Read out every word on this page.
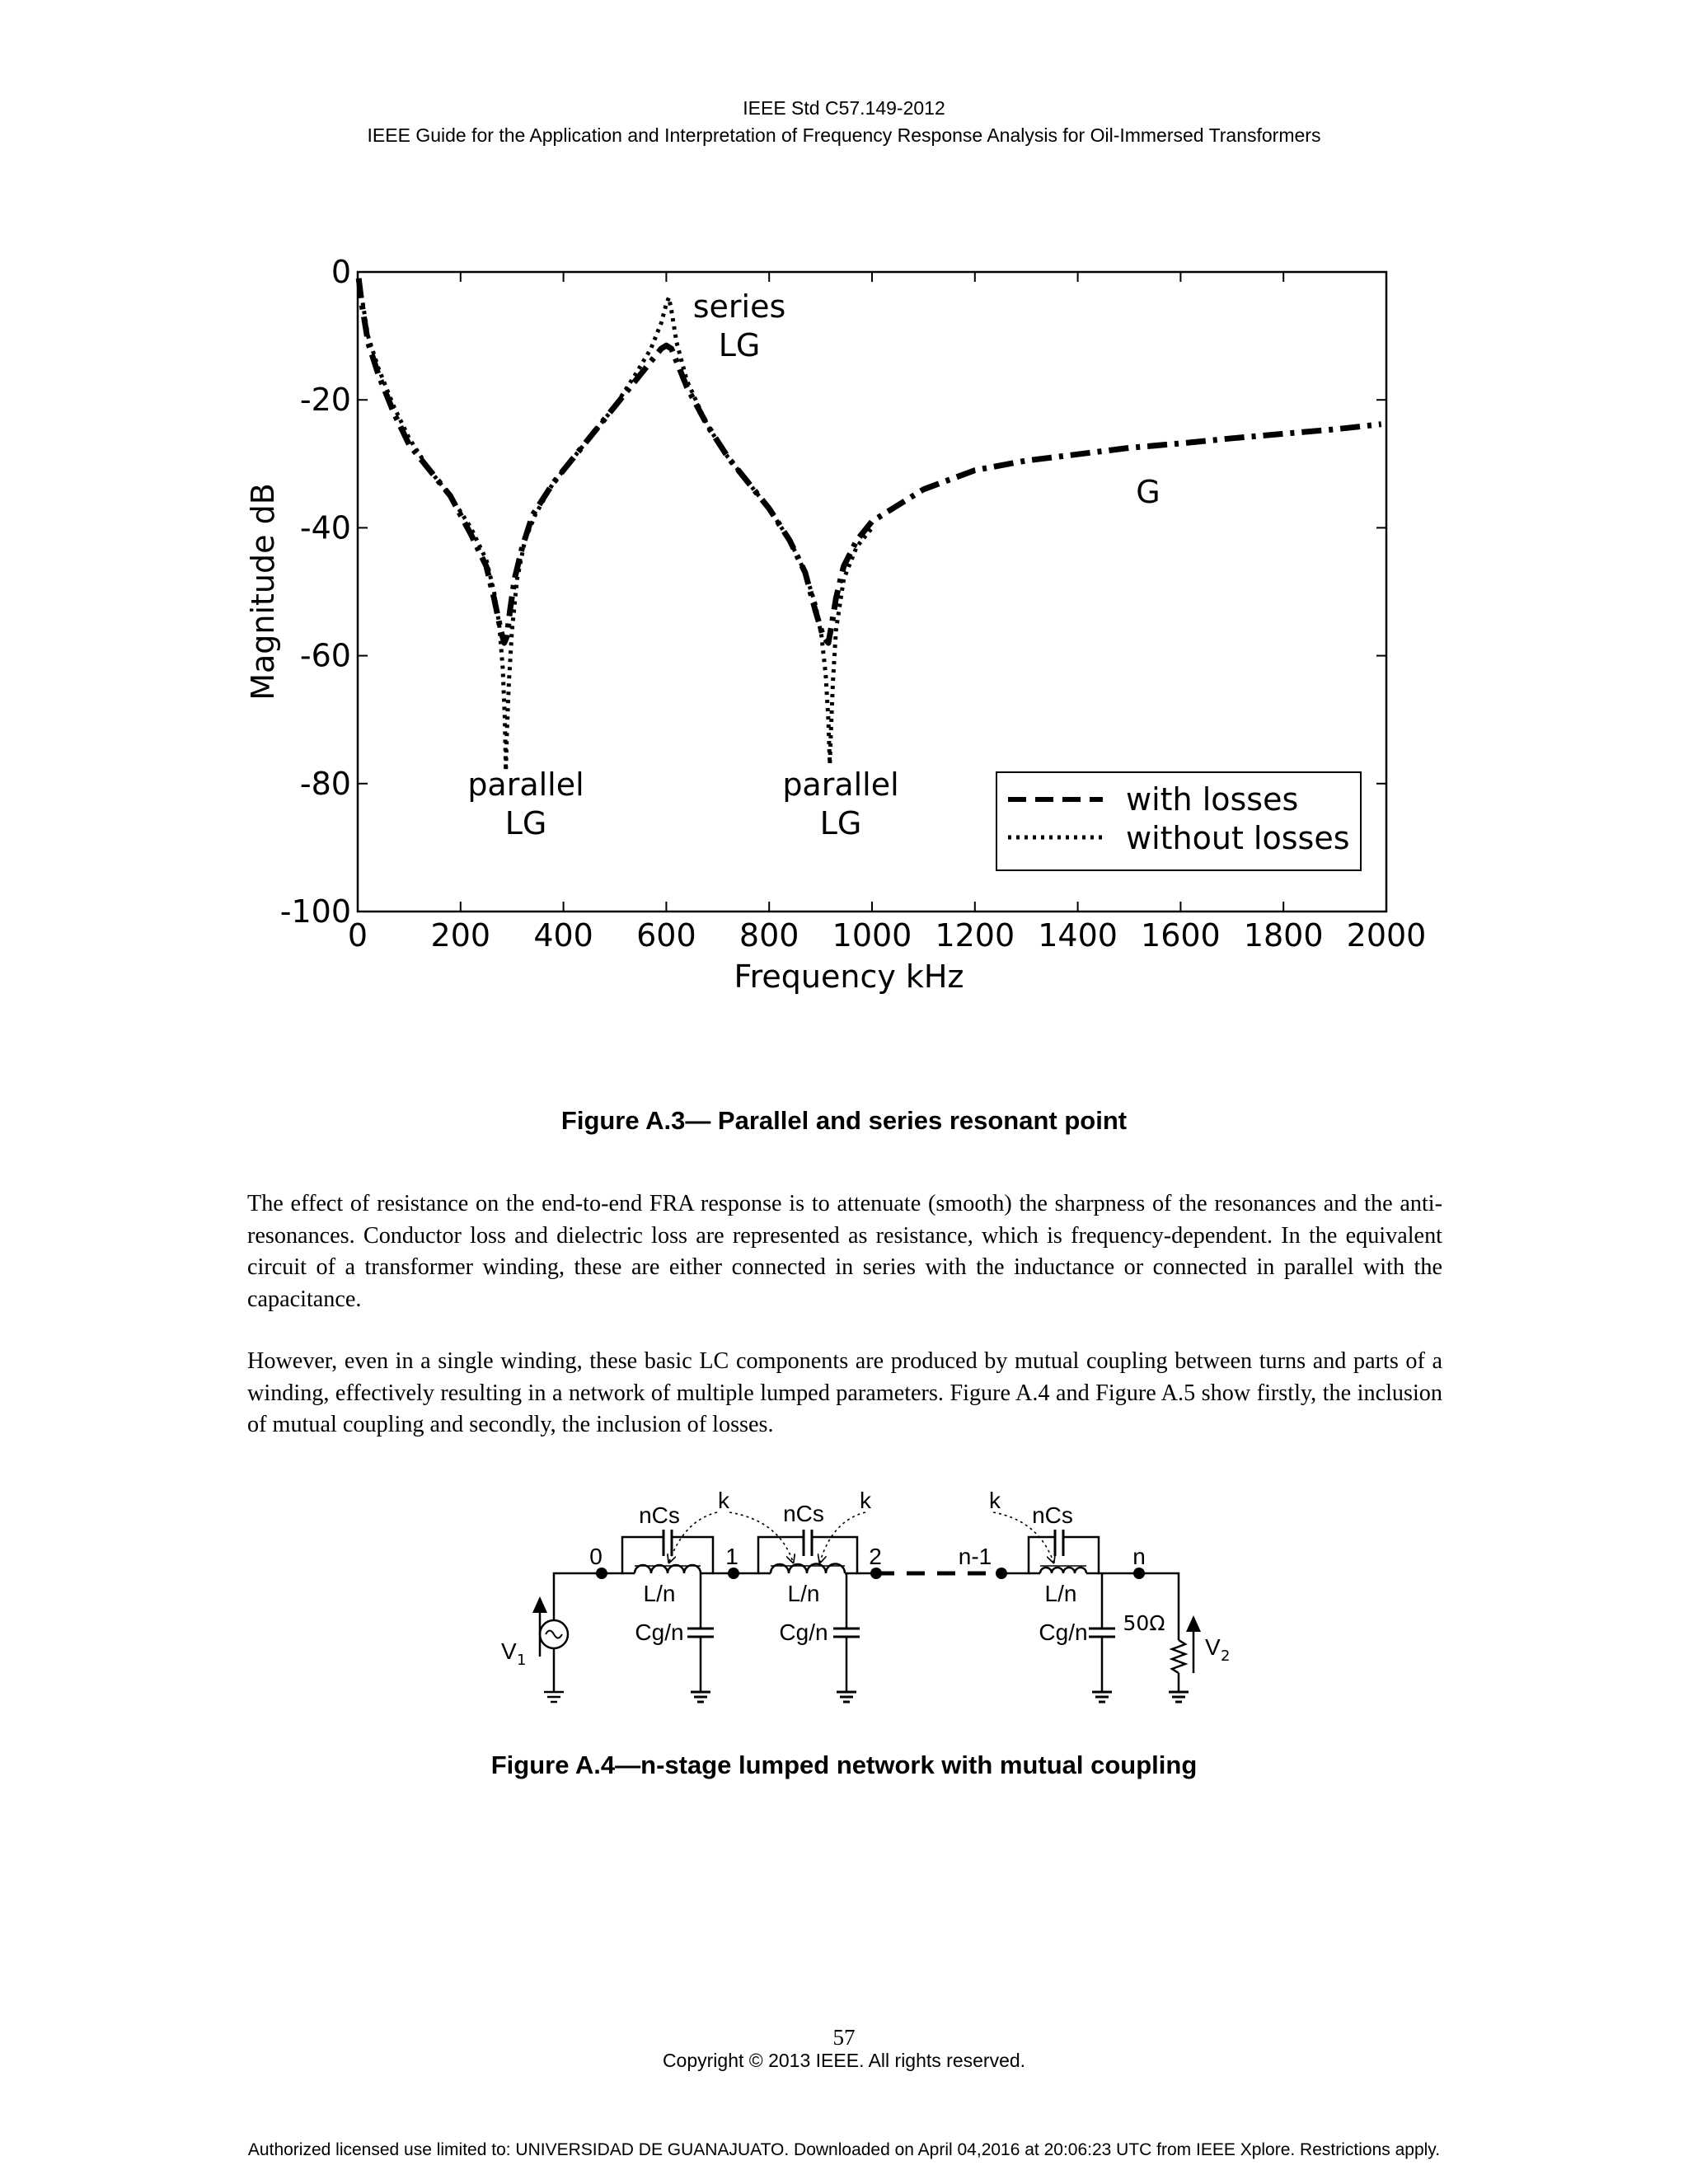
IEEE Std C57.149-2012
IEEE Guide for the Application and Interpretation of Frequency Response Analysis for Oil-Immersed Transformers
0 200 400 600 800 1000 1200 1400 1600 1800 2000
0
-20
-40
-60
-80
-100
Frequency kHz
Magnitude dB
series
LG
parallel
LG
parallel
LG
G
with losses
without losses
Figure A.3— Parallel and series resonant point

The effect of resistance on the end-to-end FRA response is to attenuate (smooth) the sharpness of the resonances and the anti-resonances. Conductor loss and dielectric loss are represented as resistance, which is frequency-dependent. In the equivalent circuit of a transformer winding, these are either connected in series with the inductance or connected in parallel with the capacitance.

However, even in a single winding, these basic LC components are produced by mutual coupling between turns and parts of a winding, effectively resulting in a network of multiple lumped parameters. Figure A.4 and Figure A.5 show firstly, the inclusion of mutual coupling and secondly, the inclusion of losses.

nCs
k
nCs
k	k
nCs
0	1	2	n-1	n
L/n	L/n	L/n
Cg/n	Cg/n	Cg/n 50Ω
V 1
V 2
Figure A.4—n-stage lumped network with mutual coupling
57
Copyright © 2013 IEEE. All rights reserved.
Authorized licensed use limited to: UNIVERSIDAD DE GUANAJUATO. Downloaded on April 04,2016 at 20:06:23 UTC from IEEE Xplore. Restrictions apply.
